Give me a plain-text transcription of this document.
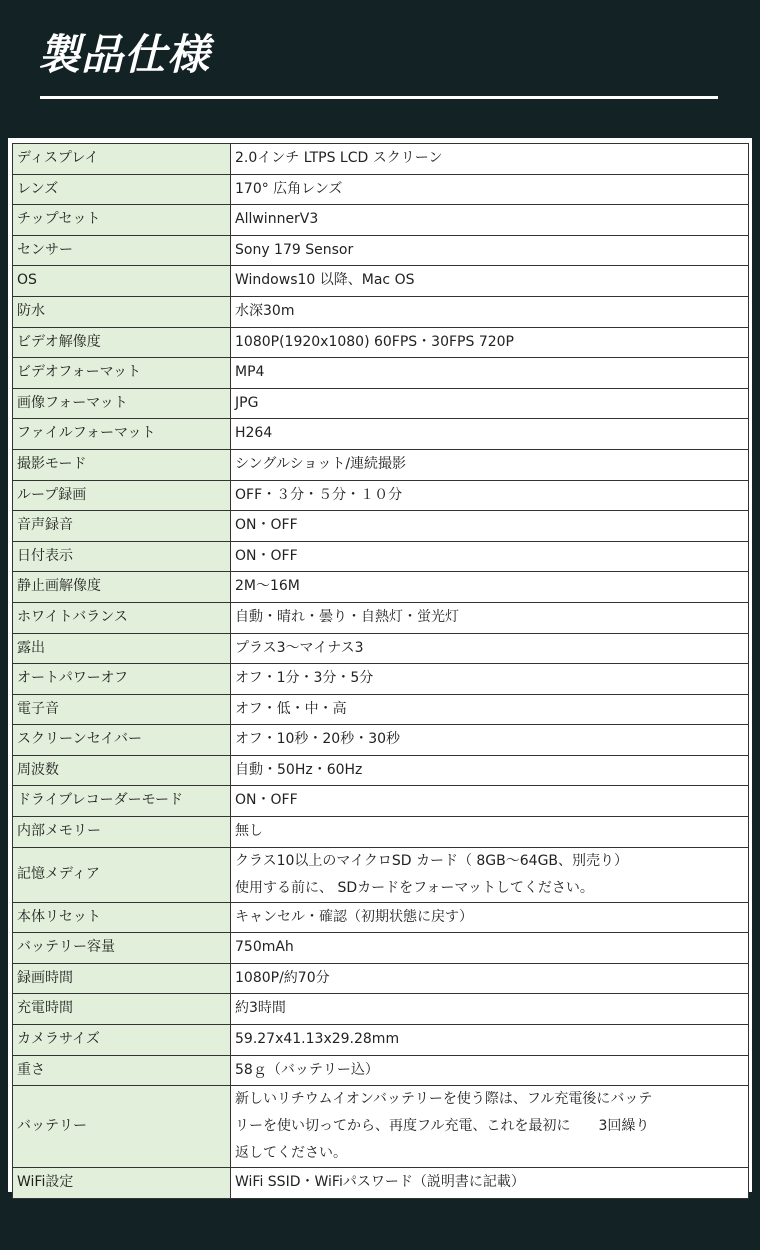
製品仕様
ディスプレイ	2.0インチ LTPS LCD スクリーン

レンズ	170° 広角レンズ

チップセット	AllwinnerV3

センサー	Sony 179 Sensor

OS	Windows10 以降、Mac OS

防水	水深30m

ビデオ解像度	1080P(1920x1080) 60FPS・30FPS 720P

ビデオフォーマット	MP4

画像フォーマット	JPG

ファイルフォーマット	H264

撮影モード	シングルショット/連続撮影

ループ録画	OFF・３分・５分・１０分

音声録音	ON・OFF

日付表示	ON・OFF

静止画解像度	2M〜16M

ホワイトバランス	自動・晴れ・曇り・自熱灯・蛍光灯

露出	プラス3〜マイナス3

オートパワーオフ	オフ・1分・3分・5分

電子音	オフ・低・中・高

スクリーンセイバー	オフ・10秒・20秒・30秒

周波数	自動・50Hz・60Hz

ドライブレコーダーモード	ON・OFF

内部メモリー	無し

記憶メディア	クラス10以上のマイクロSD カード（ 8GB〜64GB、別売り）
使用する前に、 SDカードをフォーマットしてください。

本体リセット	キャンセル・確認（初期状態に戻す）

バッテリー容量	750mAh

録画時間	1080P/約70分

充電時間	約3時間

カメラサイズ	59.27x41.13x29.28mm

重さ	58ｇ（バッテリー込）

バッテリー	新しいリチウムイオンバッテリーを使う際は、フル充電後にバッテ
リーを使い切ってから、再度フル充電、これを最初に　　3回繰り
返してください。

WiFi設定	WiFi SSID・WiFiパスワード（説明書に記載）
